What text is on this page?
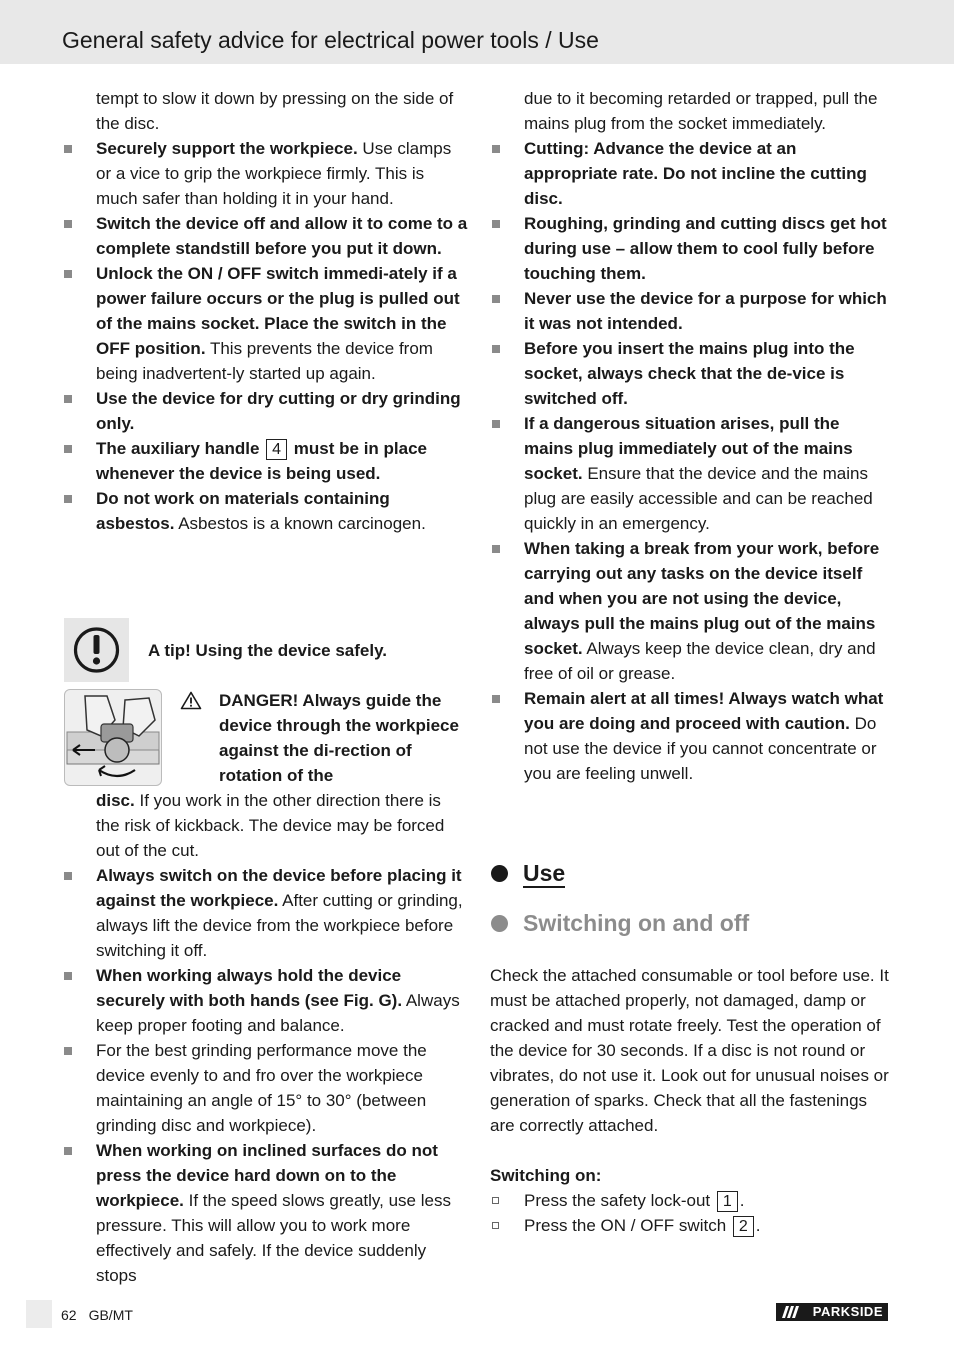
General safety advice for electrical power tools / Use

tempt to slow it down by pressing on the side of the disc.

Securely support the workpiece. Use clamps or a vice to grip the workpiece firmly. This is much safer than holding it in your hand.

Switch the device off and allow it to come to a complete standstill before you put it down.

Unlock the ON / OFF switch immedi-ately if a power failure occurs or the plug is pulled out of the mains socket. Place the switch in the OFF position. This prevents the device from being inadvertent-ly started up again.

Use the device for dry cutting or dry grinding only.

The auxiliary handle 4 must be in place whenever the device is being used.

Do not work on materials containing asbestos. Asbestos is a known carcinogen.

A tip! Using the device safely.

DANGER! Always guide the device through the workpiece against the di-rection of rotation of the

disc. If you work in the other direction there is the risk of kickback. The device may be forced out of the cut.

Always switch on the device before placing it against the workpiece. After cutting or grinding, always lift the device from the workpiece before switching it off.

When working always hold the device securely with both hands (see Fig. G). Always keep proper footing and balance.

For the best grinding performance move the device evenly to and fro over the workpiece maintaining an angle of 15° to 30° (between grinding disc and workpiece).

When working on inclined surfaces do not press the device hard down on to the workpiece. If the speed slows greatly, use less pressure. This will allow you to work more effectively and safely. If the device suddenly stops

due to it becoming retarded or trapped, pull the mains plug from the socket immediately.

Cutting: Advance the device at an appropriate rate. Do not incline the cutting disc.

Roughing, grinding and cutting discs get hot during use – allow them to cool fully before touching them.

Never use the device for a purpose for which it was not intended.

Before you insert the mains plug into the socket, always check that the de-vice is switched off.

If a dangerous situation arises, pull the mains plug immediately out of the mains socket. Ensure that the device and the mains plug are easily accessible and can be reached quickly in an emergency.

When taking a break from your work, before carrying out any tasks on the device itself and when you are not using the device, always pull the mains plug out of the mains socket. Always keep the device clean, dry and free of oil or grease.

Remain alert at all times! Always watch what you are doing and proceed with caution. Do not use the device if you cannot concentrate or you are feeling unwell.

Use
Switching on and off

Check the attached consumable or tool before use. It must be attached properly, not damaged, damp or cracked and must rotate freely. Test the operation of the device for 30 seconds. If a disc is not round or vibrates, do not use it. Look out for unusual noises or generation of sparks. Check that all the fastenings are correctly attached.

Switching on:

Press the safety lock-out 1 .

Press the ON / OFF switch 2 .

62 GB/MT	PARKSIDE
